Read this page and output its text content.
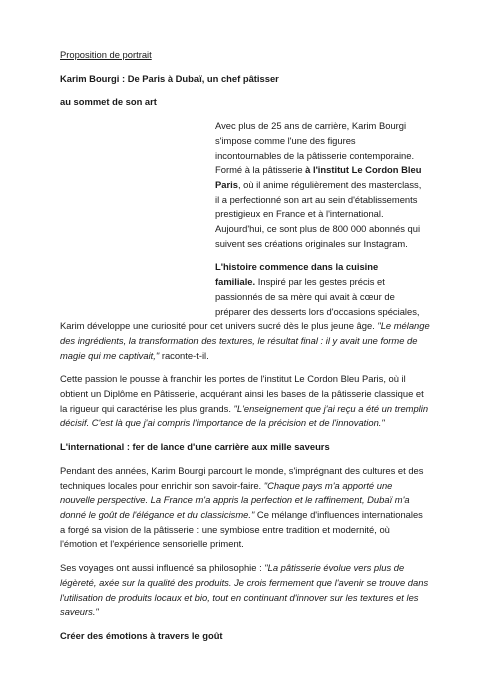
Proposition de portrait

Karim Bourgi : De Paris à Dubaï, un chef pâtisser

au sommet de son art

Avec plus de 25 ans de carrière, Karim Bourgi

s'impose comme l'une des figures

incontournables de la pâtisserie contemporaine.

Formé à la pâtisserie à l'institut Le Cordon Bleu

Paris, où il anime régulièrement des masterclass,

il a perfectionné son art au sein d'établissements

prestigieux en France et à l'international.

Aujourd'hui, ce sont plus de 800 000 abonnés qui

suivent ses créations originales sur Instagram.

L'histoire commence dans la cuisine

familiale. Inspiré par les gestes précis et

passionnés de sa mère qui avait à cœur de

préparer des desserts lors d'occasions spéciales,

Karim développe une curiosité pour cet univers sucré dès le plus jeune âge. "Le mélange

des ingrédients, la transformation des textures, le résultat final : il y avait une forme de

magie qui me captivait," raconte-t-il.

Cette passion le pousse à franchir les portes de l'institut Le Cordon Bleu Paris, où il

obtient un Diplôme en Pâtisserie, acquérant ainsi les bases de la pâtisserie classique et

la rigueur qui caractérise les plus grands. "L'enseignement que j'ai reçu a été un tremplin

décisif. C'est là que j'ai compris l'importance de la précision et de l'innovation."

L'international : fer de lance d'une carrière aux mille saveurs

Pendant des années, Karim Bourgi parcourt le monde, s'imprégnant des cultures et des

techniques locales pour enrichir son savoir-faire. "Chaque pays m'a apporté une

nouvelle perspective. La France m'a appris la perfection et le raffinement, Dubaï m'a

donné le goût de l'élégance et du classicisme." Ce mélange d'influences internationales

a forgé sa vision de la pâtisserie : une symbiose entre tradition et modernité, où

l'émotion et l'expérience sensorielle priment.

Ses voyages ont aussi influencé sa philosophie : "La pâtisserie évolue vers plus de

légèreté, axée sur la qualité des produits. Je crois fermement que l'avenir se trouve dans

l'utilisation de produits locaux et bio, tout en continuant d'innover sur les textures et les

saveurs."

Créer des émotions à travers le goût
